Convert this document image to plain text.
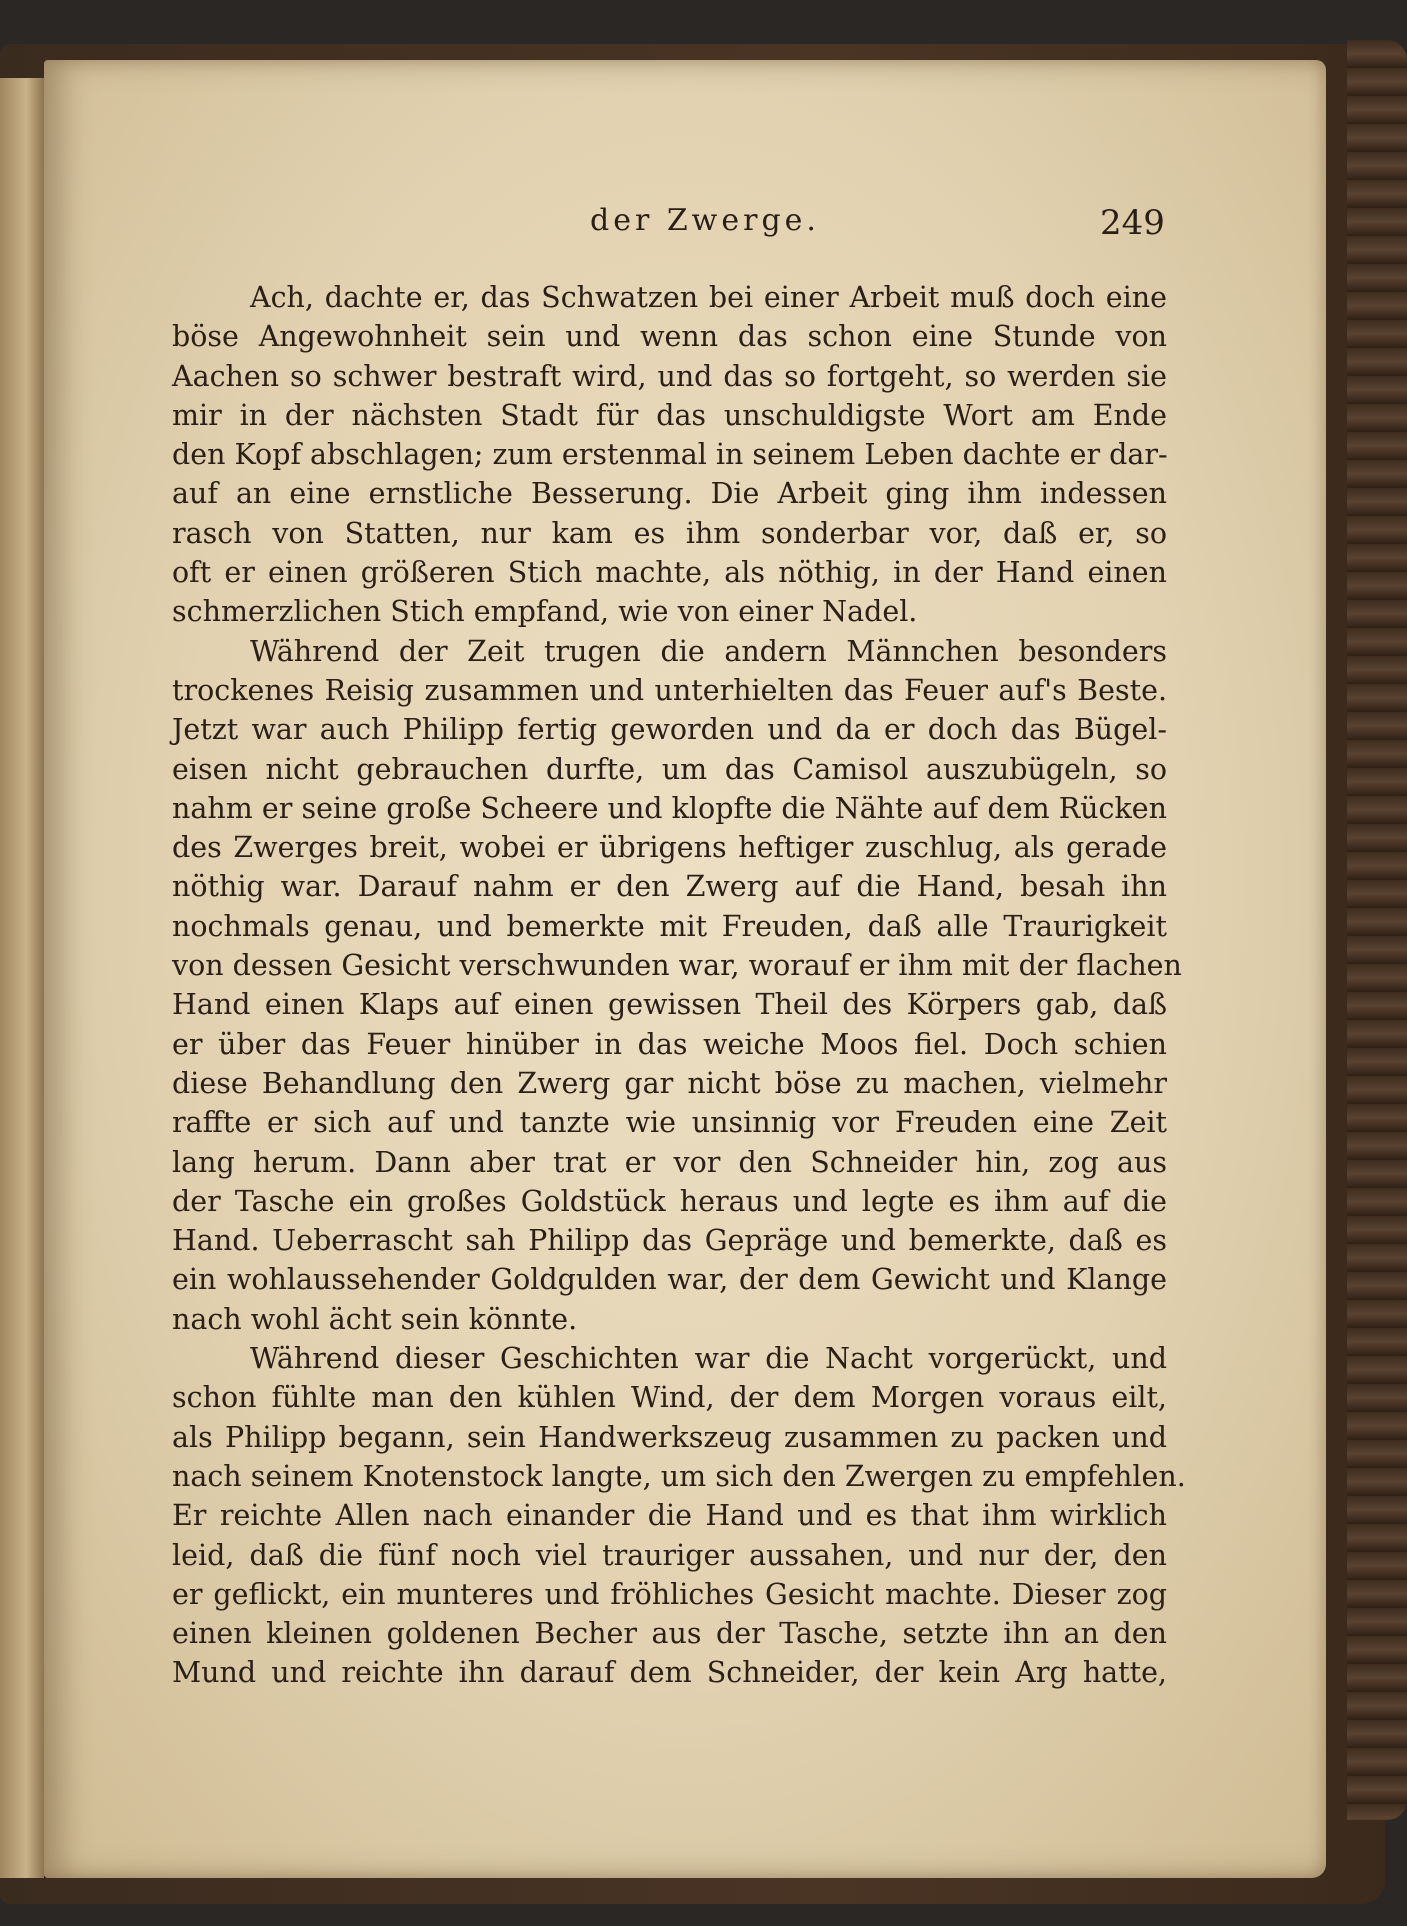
der Zwerge.	249
Ach, dachte er, das Schwatzen bei einer Arbeit muß doch eine
böse Angewohnheit sein und wenn das schon eine Stunde von
Aachen so schwer bestraft wird, und das so fortgeht, so werden sie
mir in der nächsten Stadt für das unschuldigste Wort am Ende
den Kopf abschlagen; zum erstenmal in seinem Leben dachte er dar-
auf an eine ernstliche Besserung. Die Arbeit ging ihm indessen
rasch von Statten, nur kam es ihm sonderbar vor, daß er, so
oft er einen größeren Stich machte, als nöthig, in der Hand einen
schmerzlichen Stich empfand, wie von einer Nadel.
Während der Zeit trugen die andern Männchen besonders
trockenes Reisig zusammen und unterhielten das Feuer auf's Beste.
Jetzt war auch Philipp fertig geworden und da er doch das Bügel-
eisen nicht gebrauchen durfte, um das Camisol auszubügeln, so
nahm er seine große Scheere und klopfte die Nähte auf dem Rücken
des Zwerges breit, wobei er übrigens heftiger zuschlug, als gerade
nöthig war. Darauf nahm er den Zwerg auf die Hand, besah ihn
nochmals genau, und bemerkte mit Freuden, daß alle Traurigkeit
von dessen Gesicht verschwunden war, worauf er ihm mit der flachen
Hand einen Klaps auf einen gewissen Theil des Körpers gab, daß
er über das Feuer hinüber in das weiche Moos fiel. Doch schien
diese Behandlung den Zwerg gar nicht böse zu machen, vielmehr
raffte er sich auf und tanzte wie unsinnig vor Freuden eine Zeit
lang herum. Dann aber trat er vor den Schneider hin, zog aus
der Tasche ein großes Goldstück heraus und legte es ihm auf die
Hand. Ueberrascht sah Philipp das Gepräge und bemerkte, daß es
ein wohlaussehender Goldgulden war, der dem Gewicht und Klange
nach wohl ächt sein könnte.
Während dieser Geschichten war die Nacht vorgerückt, und
schon fühlte man den kühlen Wind, der dem Morgen voraus eilt,
als Philipp begann, sein Handwerkszeug zusammen zu packen und
nach seinem Knotenstock langte, um sich den Zwergen zu empfehlen.
Er reichte Allen nach einander die Hand und es that ihm wirklich
leid, daß die fünf noch viel trauriger aussahen, und nur der, den
er geflickt, ein munteres und fröhliches Gesicht machte. Dieser zog
einen kleinen goldenen Becher aus der Tasche, setzte ihn an den
Mund und reichte ihn darauf dem Schneider, der kein Arg hatte,
